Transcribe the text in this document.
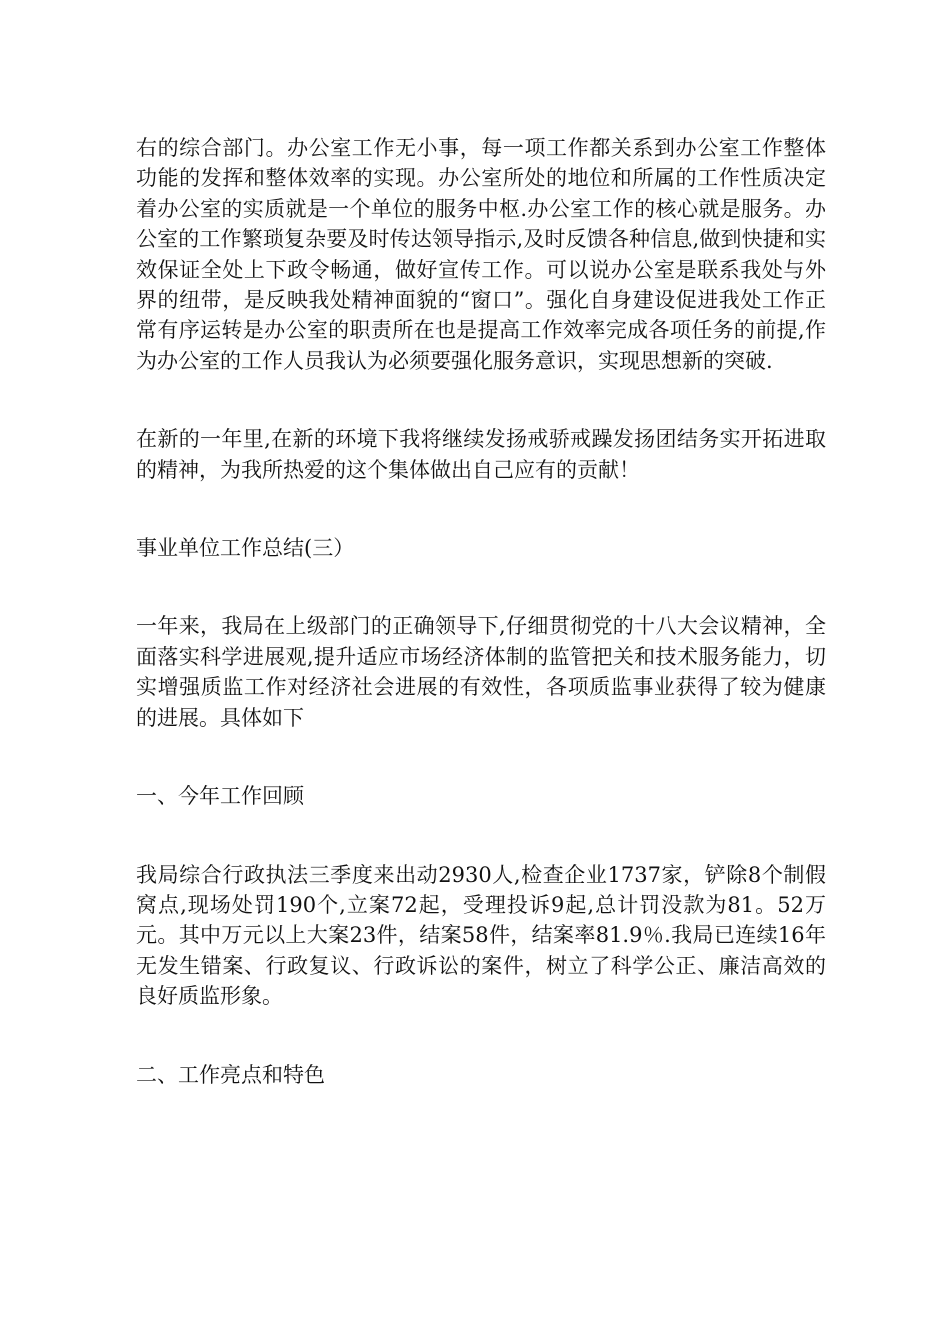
右的综合部门。办公室工作无小事，每一项工作都关系到办公室工作整体功能的发挥和整体效率的实现。办公室所处的地位和所属的工作性质决定着办公室的实质就是一个单位的服务中枢.办公室工作的核心就是服务。办公室的工作繁琐复杂要及时传达领导指示,及时反馈各种信息,做到快捷和实效保证全处上下政令畅通，做好宣传工作。可以说办公室是联系我处与外界的纽带，是反映我处精神面貌的“窗口”。强化自身建设促进我处工作正常有序运转是办公室的职责所在也是提高工作效率完成各项任务的前提,作为办公室的工作人员我认为必须要强化服务意识，实现思想新的突破.

在新的一年里,在新的环境下我将继续发扬戒骄戒躁发扬团结务实开拓进取的精神，为我所热爱的这个集体做出自己应有的贡献！

事业单位工作总结(三）

一年来，我局在上级部门的正确领导下,仔细贯彻党的十八大会议精神，全面落实科学进展观,提升适应市场经济体制的监管把关和技术服务能力，切实增强质监工作对经济社会进展的有效性，各项质监事业获得了较为健康的进展。具体如下

一、今年工作回顾

我局综合行政执法三季度来出动2930人,检查企业1737家，铲除8个制假窝点,现场处罚190个,立案72起，受理投诉9起,总计罚没款为81。52万元。其中万元以上大案23件，结案58件，结案率81.9％.我局已连续16年无发生错案、行政复议、行政诉讼的案件，树立了科学公正、廉洁高效的良好质监形象。

二、工作亮点和特色
